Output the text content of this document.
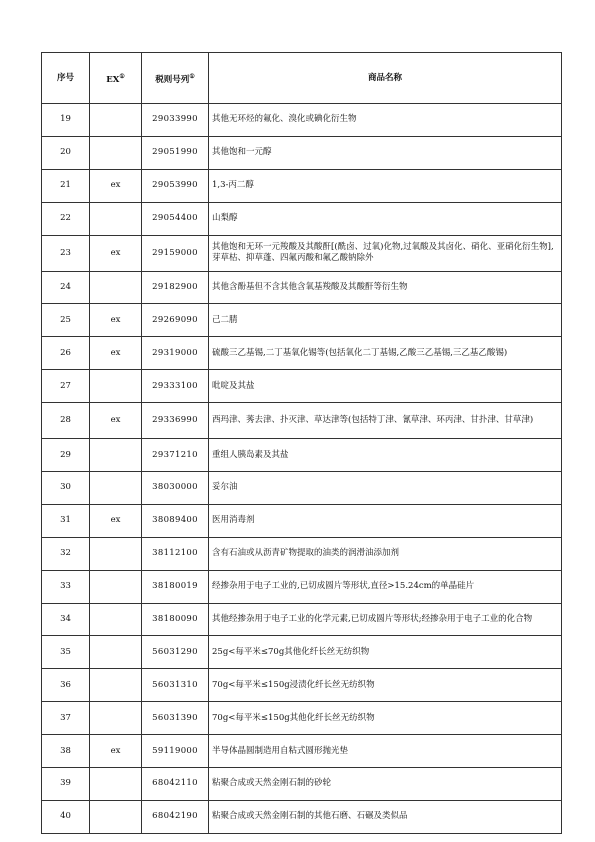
序号	EX①	税则号列①	商品名称
19		29033990	其他无环烃的氟化、溴化或碘化衍生物
20		29051990	其他饱和一元醇
21	ex	29053990	1,3-丙二醇
22		29054400	山梨醇
23	ex	29159000	其他饱和无环一元羧酸及其酸酐[(酰卤、过氧)化物,过氧酸及其卤化、硝化、亚硝化衍生物],芽草枯、抑草蓬、四氟丙酸和氟乙酸钠除外
24		29182900	其他含酚基但不含其他含氧基羧酸及其酸酐等衍生物
25	ex	29269090	己二腈
26	ex	29319000	硫酸三乙基锡,二丁基氧化锡等(包括氧化二丁基锡,乙酸三乙基锡,三乙基乙酸锡)
27		29333100	吡啶及其盐
28	ex	29336990	西玛津、莠去津、扑灭津、草达津等(包括特丁津、氰草津、环丙津、甘扑津、甘草津)
29		29371210	重组人胰岛素及其盐
30		38030000	妥尔油
31	ex	38089400	医用消毒剂
32		38112100	含有石油或从沥青矿物提取的油类的润滑油添加剂
33		38180019	经掺杂用于电子工业的,已切成圆片等形状,直径>15.24cm的单晶硅片
34		38180090	其他经掺杂用于电子工业的化学元素,已切成圆片等形状;经掺杂用于电子工业的化合物
35		56031290	25g<每平米≤70g其他化纤长丝无纺织物
36		56031310	70g<每平米≤150g浸渍化纤长丝无纺织物
37		56031390	70g<每平米≤150g其他化纤长丝无纺织物
38	ex	59119000	半导体晶圆制造用自粘式圆形抛光垫
39		68042110	粘聚合成或天然金刚石制的砂轮
40		68042190	粘聚合成或天然金刚石制的其他石磨、石碾及类似品
